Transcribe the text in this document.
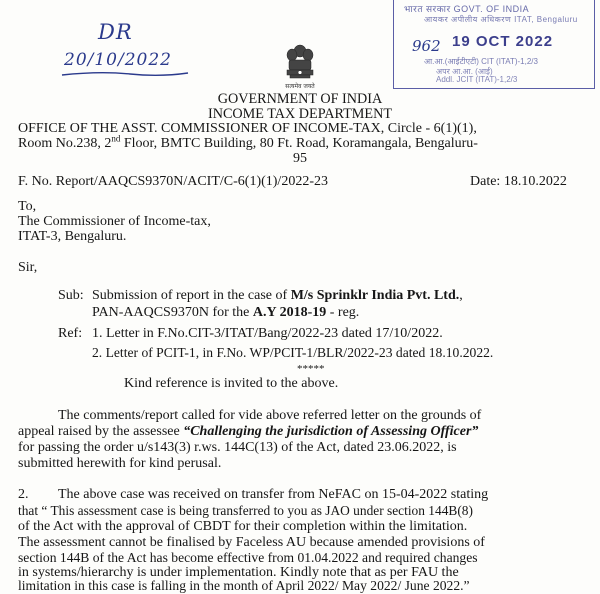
DR
20/10/2022
सत्यमेव जयते
भारत सरकार GOVT. OF INDIA
आयकर अपीलीय अधिकरण ITAT, Bengaluru
962 19 OCT 2022
आ.आ.(आईटीएटी) CIT (ITAT)-1,2/3
अपर आ.आ. (आई)
Addl. JCIT (ITAT)-1,2/3
GOVERNMENT OF INDIA
INCOME TAX DEPARTMENT
OFFICE OF THE ASST. COMMISSIONER OF INCOME-TAX, Circle - 6(1)(1),
Room No.238, 2nd Floor, BMTC Building, 80 Ft. Road, Koramangala, Bengaluru-
95
F. No. Report/AAQCS9370N/ACIT/C-6(1)(1)/2022-23	Date: 18.10.2022
To,
The Commissioner of Income-tax,
ITAT-3, Bengaluru.
Sir,
Sub: Submission of report in the case of M/s Sprinklr India Pvt. Ltd.,
PAN-AAQCS9370N for the A.Y 2018-19 - reg.
Ref: 1. Letter in F.No.CIT-3/ITAT/Bang/2022-23 dated 17/10/2022.
2. Letter of PCIT-1, in F.No. WP/PCIT-1/BLR/2022-23 dated 18.10.2022.
*****
Kind reference is invited to the above.
The comments/report called for vide above referred letter on the grounds of
appeal raised by the assessee “Challenging the jurisdiction of Assessing Officer”
for passing the order u/s143(3) r.ws. 144C(13) of the Act, dated 23.06.2022, is
submitted herewith for kind perusal.
2. The above case was received on transfer from NeFAC on 15-04-2022 stating
that “ This assessment case is being transferred to you as JAO under section 144B(8)
of the Act with the approval of CBDT for their completion within the limitation.
The assessment cannot be finalised by Faceless AU because amended provisions of
section 144B of the Act has become effective from 01.04.2022 and required changes
in systems/hierarchy is under implementation. Kindly note that as per FAU the
limitation in this case is falling in the month of April 2022/ May 2022/ June 2022.”
